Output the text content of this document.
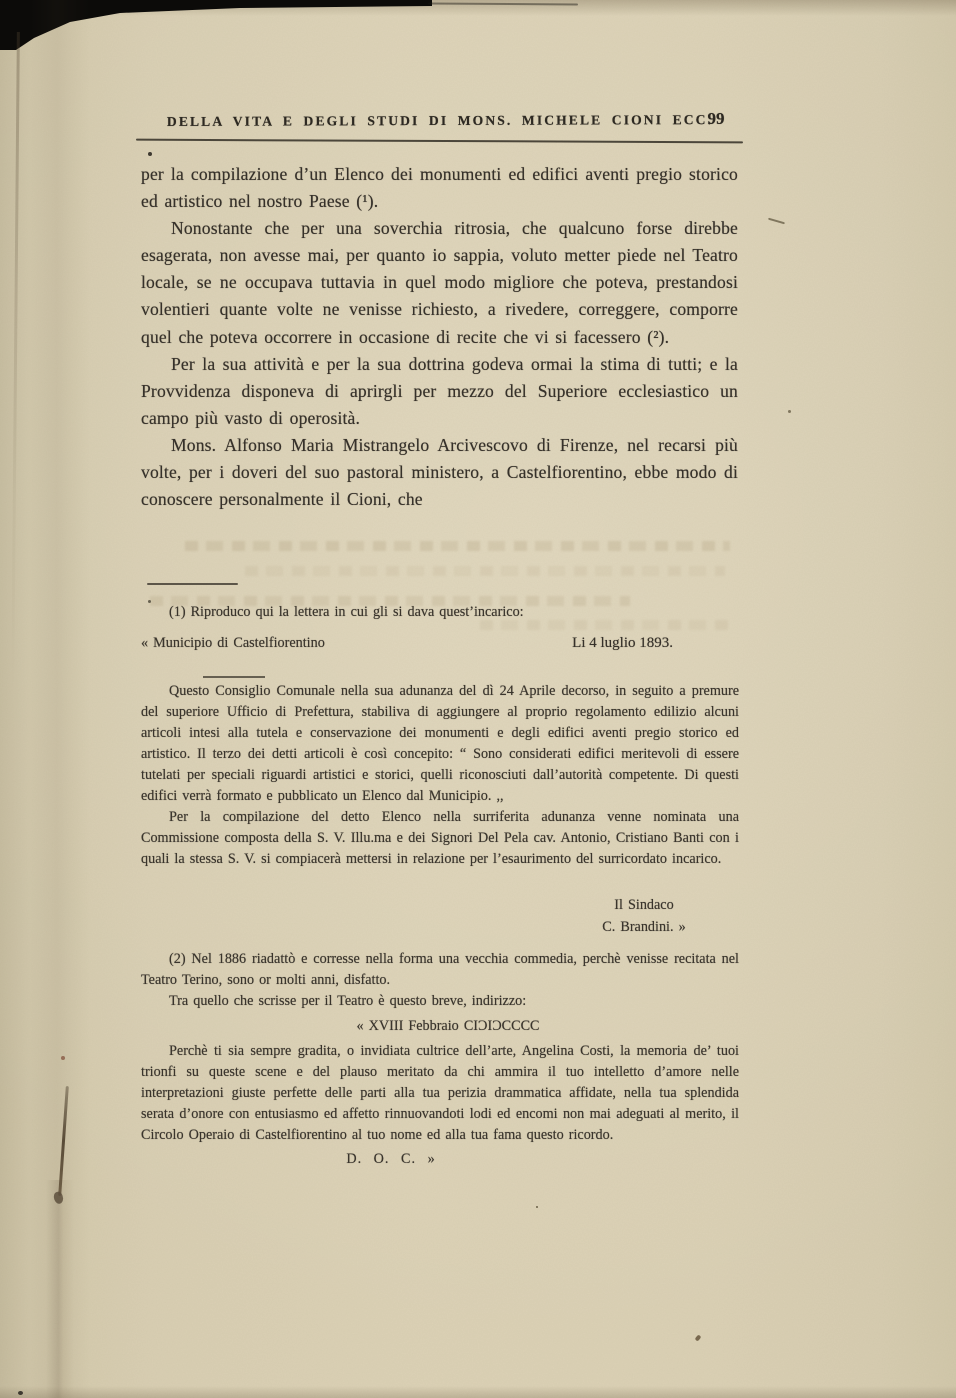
DELLA VITA E DEGLI STUDI DI MONS. MICHELE CIONI ECC.
99

per la compilazione d’un Elenco dei monumenti ed edifici aventi pregio storico ed artistico nel nostro Paese (¹).

Nonostante che per una soverchia ritrosia, che qualcuno forse direbbe esagerata, non avesse mai, per quanto io sappia, voluto metter piede nel Teatro locale, se ne occupava tuttavia in quel modo migliore che poteva, prestandosi volentieri quante volte ne venisse richiesto, a rivedere, correggere, comporre quel che poteva occorrere in occasione di recite che vi si facessero (²).

Per la sua attività e per la sua dottrina godeva ormai la stima di tutti; e la Provvidenza disponeva di aprirgli per mezzo del Superiore ecclesiastico un campo più vasto di operosità.

Mons. Alfonso Maria Mistrangelo Arcivescovo di Firenze, nel recarsi più volte, per i doveri del suo pastoral ministero, a Castelfiorentino, ebbe modo di conoscere personalmente il Cioni, che

(1) Riproduco qui la lettera in cui gli si dava quest’incarico:
« Municipio di Castelfiorentino	Li 4 luglio 1893.

Questo Consiglio Comunale nella sua adunanza del dì 24 Aprile decorso, in seguito a premure del superiore Ufficio di Prefettura, stabiliva di aggiungere al proprio regolamento edilizio alcuni articoli intesi alla tutela e conservazione dei monumenti e degli edifici aventi pregio storico ed artistico. Il terzo dei detti articoli è così concepito: “ Sono considerati edifici meritevoli di essere tutelati per speciali riguardi artistici e storici, quelli riconosciuti dall’autorità competente. Di questi edifici verrà formato e pubblicato un Elenco dal Municipio. ,,

Per la compilazione del detto Elenco nella surriferita adunanza venne nominata una Commissione composta della S. V. Illu.ma e dei Signori Del Pela cav. Antonio, Cristiano Banti con i quali la stessa S. V. si compiacerà mettersi in relazione per l’esaurimento del surricordato incarico.

Il Sindaco
C. Brandini. »

(2) Nel 1886 riadattò e corresse nella forma una vecchia commedia, perchè venisse recitata nel Teatro Terino, sono or molti anni, disfatto.

Tra quello che scrisse per il Teatro è questo breve, indirizzo:

« XVIII Febbraio CIƆIƆCCCC

Perchè ti sia sempre gradita, o invidiata cultrice dell’arte, Angelina Costi, la memoria de’ tuoi trionfi su queste scene e del plauso meritato da chi ammira il tuo intelletto d’amore nelle interpretazioni giuste perfette delle parti alla tua perizia drammatica affidate, nella tua splendida serata d’onore con entusiasmo ed affetto rinnuovandoti lodi ed encomi non mai adeguati al merito, il Circolo Operaio di Castelfiorentino al tuo nome ed alla tua fama questo ricordo.

D. O. C. »
